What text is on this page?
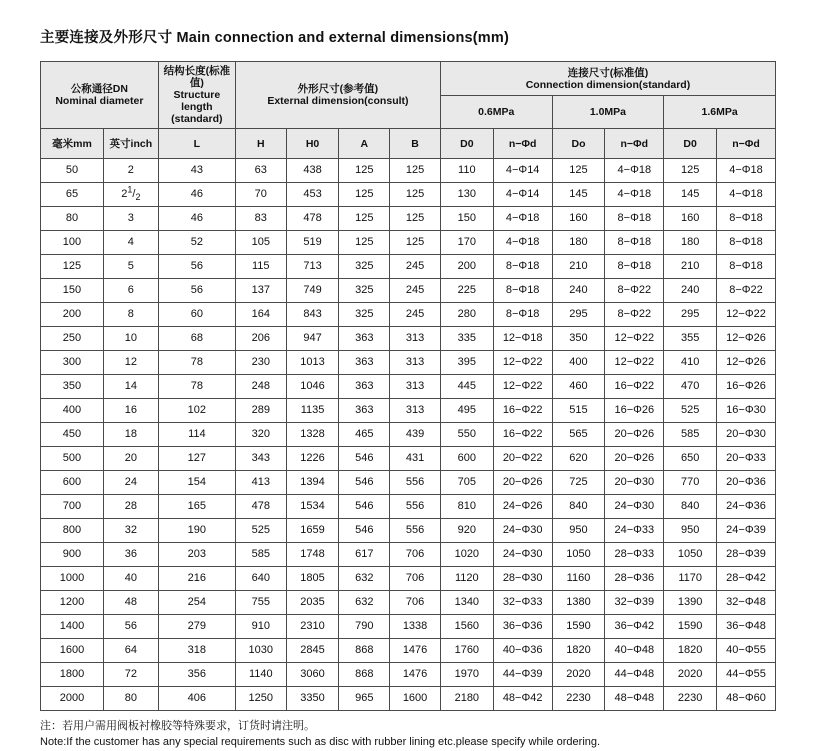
主要连接及外形尺寸 Main connection and external dimensions(mm)
公称通径DN
Nominal diameter		结构长度(标准值)
Structure length (standard)	外形尺寸(参考值)
External dimension(consult)				连接尺寸(标准值)
Connection dimension(standard)					

							0.6MPa		1.0MPa		1.6MPa	
毫米mm	英寸inch	L	H	H0	A	B	D0	n−Φd	Do	n−Φd	D0	n−Φd
50	2	43	63	438	125	125	110	4−Φ14	125	4−Φ18	125	4−Φ18
65	$2^1/_2$	46	70	453	125	125	130	4−Φ14	145	4−Φ18	145	4−Φ18
80	3	46	83	478	125	125	150	4−Φ18	160	8−Φ18	160	8−Φ18
100	4	52	105	519	125	125	170	4−Φ18	180	8−Φ18	180	8−Φ18
125	5	56	115	713	325	245	200	8−Φ18	210	8−Φ18	210	8−Φ18
150	6	56	137	749	325	245	225	8−Φ18	240	8−Φ22	240	8−Φ22
200	8	60	164	843	325	245	280	8−Φ18	295	8−Φ22	295	12−Φ22
250	10	68	206	947	363	313	335	12−Φ18	350	12−Φ22	355	12−Φ26
300	12	78	230	1013	363	313	395	12−Φ22	400	12−Φ22	410	12−Φ26
350	14	78	248	1046	363	313	445	12−Φ22	460	16−Φ22	470	16−Φ26
400	16	102	289	1135	363	313	495	16−Φ22	515	16−Φ26	525	16−Φ30
450	18	114	320	1328	465	439	550	16−Φ22	565	20−Φ26	585	20−Φ30
500	20	127	343	1226	546	431	600	20−Φ22	620	20−Φ26	650	20−Φ33
600	24	154	413	1394	546	556	705	20−Φ26	725	20−Φ30	770	20−Φ36
700	28	165	478	1534	546	556	810	24−Φ26	840	24−Φ30	840	24−Φ36
800	32	190	525	1659	546	556	920	24−Φ30	950	24−Φ33	950	24−Φ39
900	36	203	585	1748	617	706	1020	24−Φ30	1050	28−Φ33	1050	28−Φ39
1000	40	216	640	1805	632	706	1120	28−Φ30	1160	28−Φ36	1170	28−Φ42
1200	48	254	755	2035	632	706	1340	32−Φ33	1380	32−Φ39	1390	32−Φ48
1400	56	279	910	2310	790	1338	1560	36−Φ36	1590	36−Φ42	1590	36−Φ48
1600	64	318	1030	2845	868	1476	1760	40−Φ36	1820	40−Φ48	1820	40−Φ55
1800	72	356	1140	3060	868	1476	1970	44−Φ39	2020	44−Φ48	2020	44−Φ55
2000	80	406	1250	3350	965	1600	2180	48−Φ42	2230	48−Φ48	2230	48−Φ60
注：若用户需用阀板衬橡胶等特殊要求，订货时请注明。
Note:If the customer has any special requirements such as disc with rubber lining etc.please specify while ordering.
